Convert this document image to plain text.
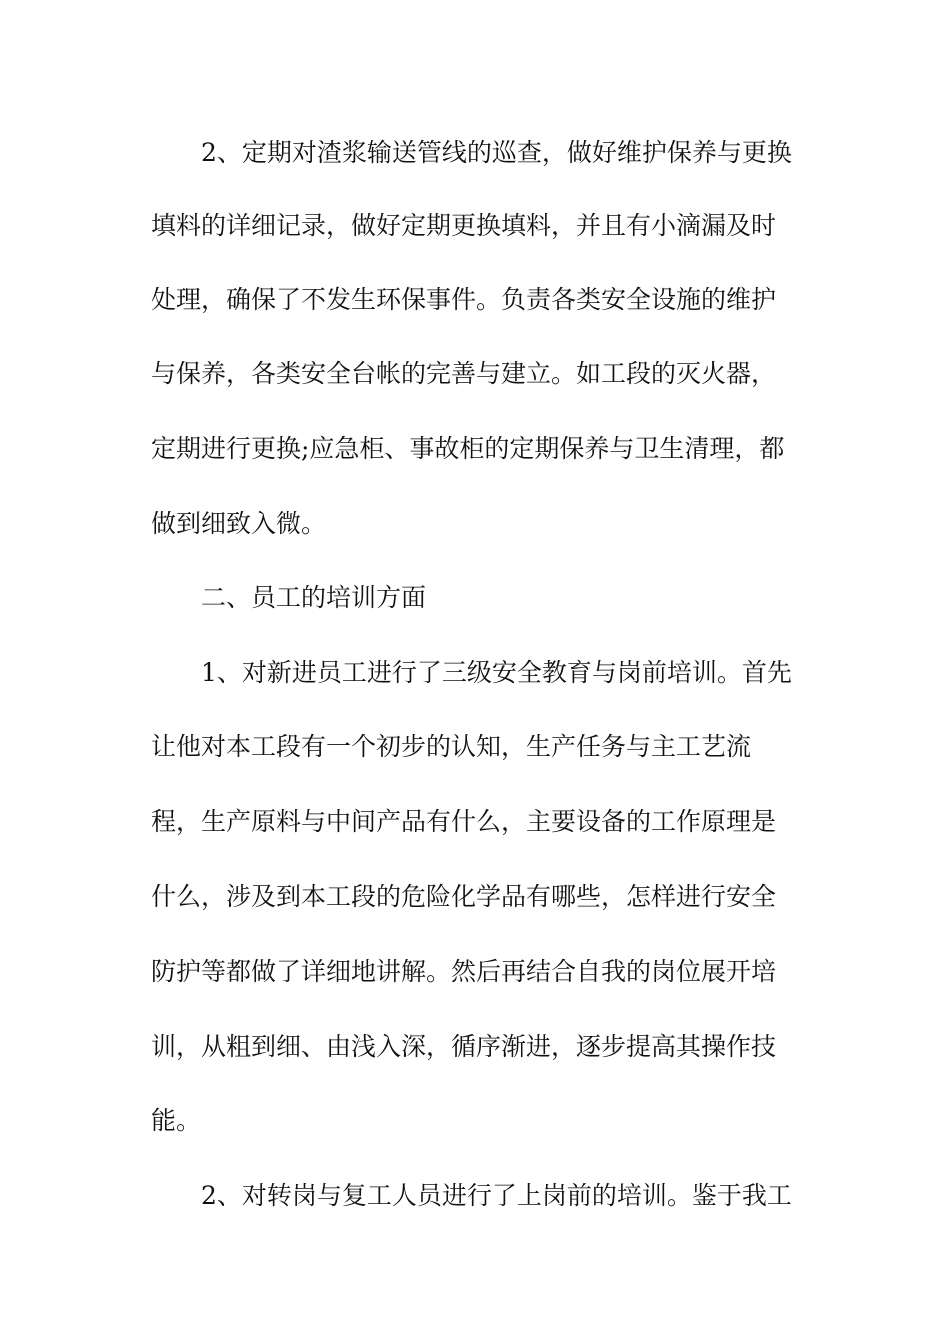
2、定期对渣浆输送管线的巡查，做好维护保养与更换
填料的详细记录，做好定期更换填料，并且有小滴漏及时
处理，确保了不发生环保事件。负责各类安全设施的维护
与保养，各类安全台帐的完善与建立。如工段的灭火器，
定期进行更换;应急柜、事故柜的定期保养与卫生清理，都
做到细致入微。
二、员工的培训方面
1、对新进员工进行了三级安全教育与岗前培训。首先
让他对本工段有一个初步的认知，生产任务与主工艺流
程，生产原料与中间产品有什么，主要设备的工作原理是
什么，涉及到本工段的危险化学品有哪些，怎样进行安全
防护等都做了详细地讲解。然后再结合自我的岗位展开培
训，从粗到细、由浅入深，循序渐进，逐步提高其操作技
能。
2、对转岗与复工人员进行了上岗前的培训。鉴于我工
